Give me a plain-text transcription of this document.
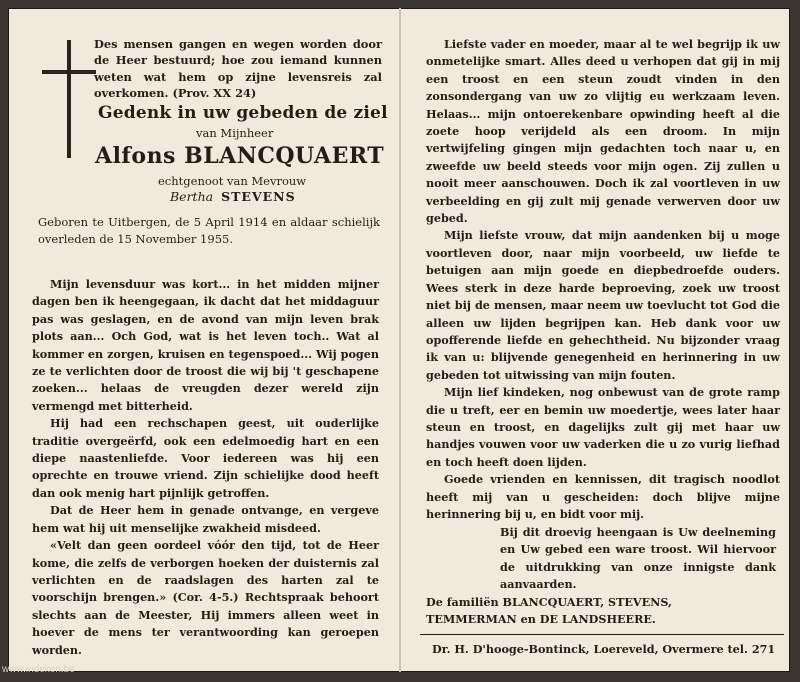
Des mensen gangen en wegen worden door de Heer bestuurd; hoe zou iemand kunnen weten wat hem op zijne levensreis zal overkomen. (Prov. XX 24)

Gedenk in uw gebeden de ziel
van Mijnheer
Alfons BLANCQUAERT
echtgenoot van Mevrouw
Bertha STEVENS

Geboren te Uitbergen, de 5 April 1914 en aldaar schielijk overleden de 15 November 1955.

Mijn levensduur was kort... in het midden mijner dagen ben ik heengegaan, ik dacht dat het middaguur pas was geslagen, en de avond van mijn leven brak plots aan... Och God, wat is het leven toch.. Wat al kommer en zorgen, kruisen en tegenspoed... Wij pogen ze te verlichten door de troost die wij bij 't geschapene zoeken... helaas de vreugden dezer wereld zijn vermengd met bitterheid.

Hij had een rechschapen geest, uit ouderlijke traditie overgeërfd, ook een edelmoedig hart en een diepe naastenliefde. Voor iedereen was hij een oprechte en trouwe vriend. Zijn schielijke dood heeft dan ook menig hart pijnlijk getroffen.

Dat de Heer hem in genade ontvange, en vergeve hem wat hij uit menselijke zwakheid misdeed.

«Velt dan geen oordeel vóór den tijd, tot de Heer kome, die zelfs de verborgen hoeken der duisternis zal verlichten en de raadslagen des harten zal te voorschijn brengen.» (Cor. 4-5.) Rechtspraak behoort slechts aan de Meester, Hij immers alleen weet in hoever de mens ter verantwoording kan geroepen worden.

Liefste vader en moeder, maar al te wel begrijp ik uw onmetelijke smart. Alles deed u verhopen dat gij in mij een troost en een steun zoudt vinden in den zonsondergang van uw zo vlijtig eu werkzaam leven. Helaas... mijn ontoerekenbare opwinding heeft al die zoete hoop verijdeld als een droom. In mijn vertwijfeling gingen mijn gedachten toch naar u, en zweefde uw beeld steeds voor mijn ogen. Zij zullen u nooit meer aanschouwen. Doch ik zal voortleven in uw verbeelding en gij zult mij genade verwerven door uw gebed.

Mijn liefste vrouw, dat mijn aandenken bij u moge voortleven door, naar mijn voorbeeld, uw liefde te betuigen aan mijn goede en diepbedroefde ouders. Wees sterk in deze harde beproeving, zoek uw troost niet bij de mensen, maar neem uw toevlucht tot God die alleen uw lijden begrijpen kan. Heb dank voor uw opofferende liefde en gehechtheid. Nu bijzonder vraag ik van u: blijvende genegenheid en herinnering in uw gebeden tot uitwissing van mijn fouten.

Mijn lief kindeken, nog onbewust van de grote ramp die u treft, eer en bemin uw moedertje, wees later haar steun en troost, en dagelijks zult gij met haar uw handjes vouwen voor uw vaderken die u zo vurig liefhad en toch heeft doen lijden.

Goede vrienden en kennissen, dit tragisch noodlot heeft mij van u gescheiden: doch blijve mijne herinnering bij u, en bidt voor mij.

Bij dit droevig heengaan is Uw deelneming en Uw gebed een ware troost. Wil hiervoor de uitdrukking van onze innigste dank aanvaarden.

De familiën BLANCQUAERT, STEVENS,
TEMMERMAN en DE LANDSHEERE.
Dr. H. D'hooge-Bontinck, Loereveld, Overmere tel. 271
www.indeken.be
